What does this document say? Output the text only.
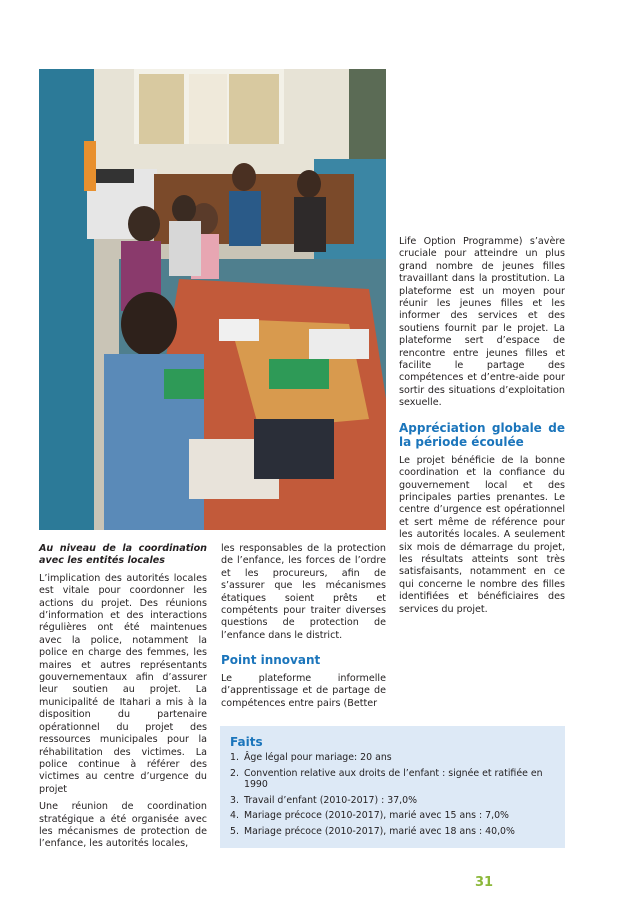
Au niveau de la coordination avec les entités locales

L’implication des autorités locales est vitale pour coordonner les actions du projet. Des réunions d’information et des interactions régulières ont été maintenues avec la police, notamment la police en charge des femmes, les maires et autres représentants gouvernementaux afin d’assurer leur soutien au projet. La municipalité de Itahari a mis à la disposition du partenaire opérationnel du projet des ressources municipales pour la réhabilitation des victimes. La police continue à référer des victimes au centre d’urgence du projet

Une réunion de coordination stratégique a été organisée avec les mécanismes de protection de l’enfance, les autorités locales,

les responsables de la protection de l’enfance, les forces de l’ordre et les procureurs, afin de s’assurer que les mécanismes étatiques soient prêts et compétents pour traiter diverses questions de protection de l’enfance dans le district.

Point innovant

Le plateforme informelle d’apprentissage et de partage de compétences entre pairs (Better

Life Option Programme) s’avère cruciale pour atteindre un plus grand nombre de jeunes filles travaillant dans la prostitution. La plateforme est un moyen pour réunir les jeunes filles et les informer des services et des soutiens fournit par le projet. La plateforme sert d’espace de rencontre entre jeunes filles et facilite le partage des compétences et d’entre-aide pour sortir des situations d’exploitation sexuelle.

Appréciation globale de la période écoulée

Le projet bénéficie de la bonne coordination et la confiance du gouvernement local et des principales parties prenantes. Le centre d’urgence est opérationnel et sert même de référence pour les autorités locales. A seulement six mois de démarrage du projet, les résultats atteints sont très satisfaisants, notamment en ce qui concerne le nombre des filles identifiées et bénéficiaires des services du projet.

Faits
1. Âge légal pour mariage: 20 ans
2. Convention relative aux droits de l’enfant : signée et ratifiée en 1990
3. Travail d’enfant (2010-2017) : 37,0%
4. Mariage précoce (2010-2017), marié avec 15 ans : 7,0%
5. Mariage précoce (2010-2017), marié avec 18 ans : 40,0%
31
